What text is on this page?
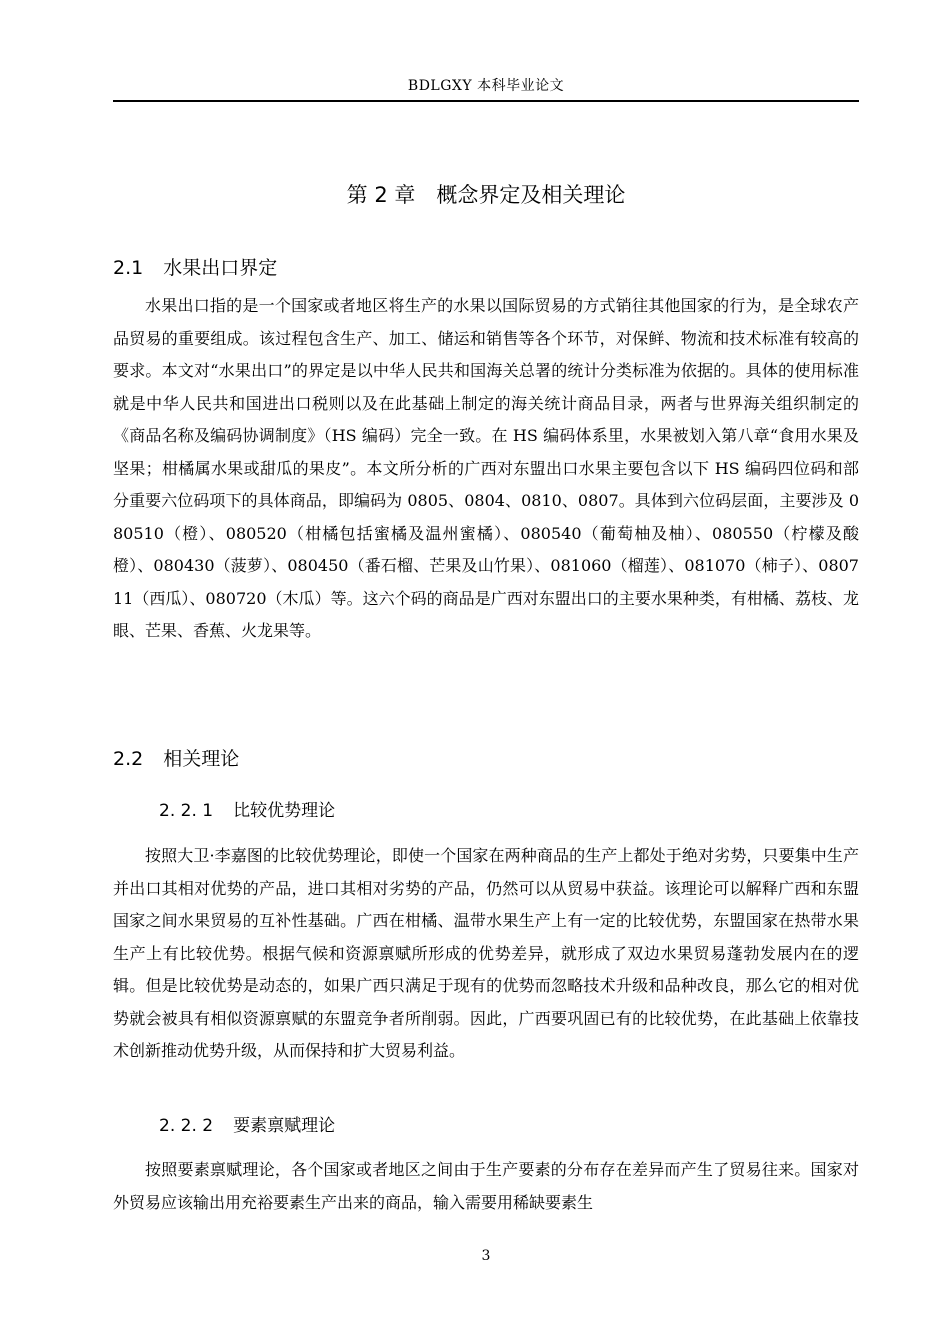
BDLGXY 本科毕业论文
第 2 章　概念界定及相关理论
2.1 水果出口界定

水果出口指的是一个国家或者地区将生产的水果以国际贸易的方式销往其他国家的行为，是全球农产品贸易的重要组成。该过程包含生产、加工、储运和销售等各个环节，对保鲜、物流和技术标准有较高的要求。本文对“水果出口”的界定是以中华人民共和国海关总署的统计分类标准为依据的。具体的使用标准就是中华人民共和国进出口税则以及在此基础上制定的海关统计商品目录，两者与世界海关组织制定的《商品名称及编码协调制度》（HS 编码）完全一致。在 HS 编码体系里，水果被划入第八章“食用水果及坚果；柑橘属水果或甜瓜的果皮”。本文所分析的广西对东盟出口水果主要包含以下 HS 编码四位码和部分重要六位码项下的具体商品，即编码为 0805、0804、0810、0807。具体到六位码层面，主要涉及 080510（橙）、080520（柑橘包括蜜橘及温州蜜橘）、080540（葡萄柚及柚）、080550（柠檬及酸橙）、080430（菠萝）、080450（番石榴、芒果及山竹果）、081060（榴莲）、081070（柿子）、080711（西瓜）、080720（木瓜）等。这六个码的商品是广西对东盟出口的主要水果种类，有柑橘、荔枝、龙眼、芒果、香蕉、火龙果等。

2.2 相关理论
2. 2. 1 比较优势理论

按照大卫·李嘉图的比较优势理论，即使一个国家在两种商品的生产上都处于绝对劣势，只要集中生产并出口其相对优势的产品，进口其相对劣势的产品，仍然可以从贸易中获益。该理论可以解释广西和东盟国家之间水果贸易的互补性基础。广西在柑橘、温带水果生产上有一定的比较优势，东盟国家在热带水果生产上有比较优势。根据气候和资源禀赋所形成的优势差异，就形成了双边水果贸易蓬勃发展内在的逻辑。但是比较优势是动态的，如果广西只满足于现有的优势而忽略技术升级和品种改良，那么它的相对优势就会被具有相似资源禀赋的东盟竞争者所削弱。因此，广西要巩固已有的比较优势，在此基础上依靠技术创新推动优势升级，从而保持和扩大贸易利益。

2. 2. 2 要素禀赋理论

按照要素禀赋理论，各个国家或者地区之间由于生产要素的分布存在差异而产生了贸易往来。国家对外贸易应该输出用充裕要素生产出来的商品，输入需要用稀缺要素生

3
